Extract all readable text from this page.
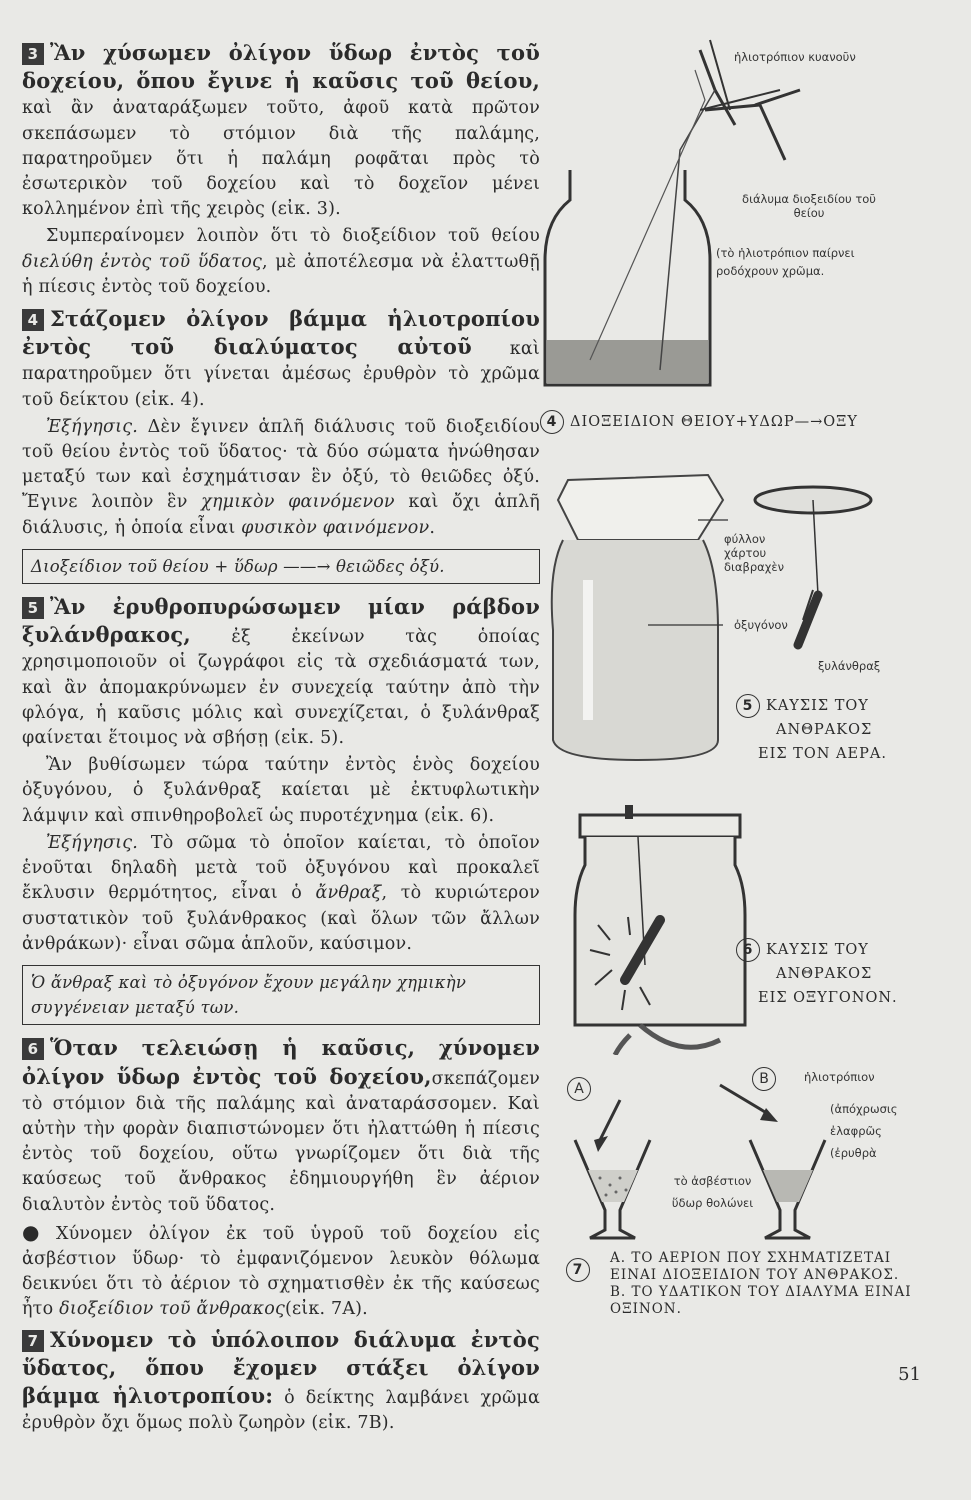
3 Ἂν χύσωμεν ὀλίγον ὕδωρ ἐντὸς τοῦ δοχείου, ὅπου ἔγινε ἡ καῦσις τοῦ θείου, καὶ ἂν ἀναταράξωμεν τοῦτο, ἀφοῦ κατὰ πρῶτον σκεπάσωμεν τὸ στόμιον διὰ τῆς παλάμης, παρατηροῦμεν ὅτι ἡ παλάμη ροφᾶται πρὸς τὸ ἐσωτερικὸν τοῦ δοχείου καὶ τὸ δοχεῖον μένει κολλημένον ἐπὶ τῆς χειρὸς (εἰκ. 3).

Συμπεραίνομεν λοιπὸν ὅτι τὸ διοξείδιον τοῦ θείου διελύθη ἐντὸς τοῦ ὕδατος, μὲ ἀποτέλεσμα νὰ ἐλαττωθῇ ἡ πίεσις ἐντὸς τοῦ δοχείου.

4 Στάζομεν ὀλίγον βάμμα ἡλιοτροπίου ἐντὸς τοῦ διαλύματος αὐτοῦ καὶ παρατηροῦμεν ὅτι γίνεται ἀμέσως ἐρυθρὸν τὸ χρῶμα τοῦ δείκτου (εἰκ. 4).

Ἐξήγησις. Δὲν ἔγινεν ἁπλῆ διάλυσις τοῦ διοξειδίου τοῦ θείου ἐντὸς τοῦ ὕδατος· τὰ δύο σώματα ἡνώθησαν μεταξύ των καὶ ἐσχημάτισαν ἓν ὀξύ, τὸ θειῶδες ὀξύ. Ἔγινε λοιπὸν ἓν χημικὸν φαινόμενον καὶ ὄχι ἁπλῆ διάλυσις, ἡ ὁποία εἶναι φυσικὸν φαινόμενον.

Διοξείδιον τοῦ θείου + ὕδωρ ——→ θειῶδες ὀξύ.

5 Ἂν ἐρυθροπυρώσωμεν μίαν ράβδον ξυλάνθρακος, ἐξ ἐκείνων τὰς ὁποίας χρησιμοποιοῦν οἱ ζωγράφοι εἰς τὰ σχεδιάσματά των, καὶ ἂν ἀπομακρύνωμεν ἐν συνεχείᾳ ταύτην ἀπὸ τὴν φλόγα, ἡ καῦσις μόλις καὶ συνεχίζεται, ὁ ξυλάνθραξ φαίνεται ἕτοιμος νὰ σβήσῃ (εἰκ. 5).

Ἂν βυθίσωμεν τώρα ταύτην ἐντὸς ἑνὸς δοχείου ὀξυγόνου, ὁ ξυλάνθραξ καίεται μὲ ἐκτυφλωτικὴν λάμψιν καὶ σπινθηροβολεῖ ὡς πυροτέχνημα (εἰκ. 6).

Ἐξήγησις. Τὸ σῶμα τὸ ὁποῖον καίεται, τὸ ὁποῖον ἑνοῦται δηλαδὴ μετὰ τοῦ ὀξυγόνου καὶ προκαλεῖ ἔκλυσιν θερμότητος, εἶναι ὁ ἄνθραξ, τὸ κυριώτερον συστατικὸν τοῦ ξυλάνθρακος (καὶ ὅλων τῶν ἄλλων ἀνθράκων)· εἶναι σῶμα ἁπλοῦν, καύσιμον.

Ὁ ἄνθραξ καὶ τὸ ὀξυγόνον ἔχουν μεγάλην χημικὴν συγγένειαν μεταξύ των.

6 Ὅταν τελειώσῃ ἡ καῦσις, χύνομεν ὀλίγον ὕδωρ ἐντὸς τοῦ δοχείου,σκεπάζομεν τὸ στόμιον διὰ τῆς παλάμης καὶ ἀναταράσσομεν. Καὶ αὐτὴν τὴν φορὰν διαπιστώνομεν ὅτι ἠλαττώθη ἡ πίεσις ἐντὸς τοῦ δοχείου, οὕτω γνωρίζομεν ὅτι διὰ τῆς καύσεως τοῦ ἄνθρακος ἐδημιουργήθη ἓν ἀέριον διαλυτὸν ἐντὸς τοῦ ὕδατος.

● Χύνομεν ὀλίγον ἐκ τοῦ ὑγροῦ τοῦ δοχείου εἰς ἀσβέστιον ὕδωρ· τὸ ἐμφανιζόμενον λευκὸν θόλωμα δεικνύει ὅτι τὸ ἀέριον τὸ σχηματισθὲν ἐκ τῆς καύσεως ἦτο διοξείδιον τοῦ ἄνθρακος(εἰκ. 7Α).

7 Χύνομεν τὸ ὑπόλοιπον διάλυμα ἐντὸς ὕδατος, ὅπου ἔχομεν στάξει ὀλίγον βάμμα ἡλιοτροπίου: ὁ δείκτης λαμβάνει χρῶμα ἐρυθρὸν ὄχι ὅμως πολὺ ζωηρὸν (εἰκ. 7Β).

ἡλιοτρόπιον κυανοῦν
διάλυμα διοξειδίου τοῦ θείου
(τὸ ἡλιοτρόπιον παίρνει ροδόχρουν χρῶμα.
4 ΔΙΟΞΕΙΔΙΟΝ ΘΕΙΟΥ+ΥΔΩΡ—→ΟΞΥ
φύλλον χάρτου διαβραχὲν
ὀξυγόνον
ξυλάνθραξ
5 ΚΑΥΣΙΣ ΤΟΥ
ΑΝΘΡΑΚΟΣ
ΕΙΣ ΤΟΝ ΑΕΡΑ.
6 ΚΑΥΣΙΣ ΤΟΥ
ΑΝΘΡΑΚΟΣ
ΕΙΣ ΟΞΥΓΟΝΟΝ.
A
B	ἡλιοτρόπιον
(ἀπόχρωσις ἐλαφρῶς (ἐρυθρὰ
τὸ ἀσβέστιον ὕδωρ θολώνει
7
Α. ΤΟ ΑΕΡΙΟΝ ΠΟΥ ΣΧΗΜΑΤΙΖΕΤΑΙ ΕΙΝΑΙ ΔΙΟΞΕΙΔΙΟΝ ΤΟΥ ΑΝΘΡΑΚΟΣ.
Β. ΤΟ ΥΔΑΤΙΚΟΝ ΤΟΥ ΔΙΑΛΥΜΑ ΕΙΝΑΙ ΟΞΙΝΟΝ.
51
